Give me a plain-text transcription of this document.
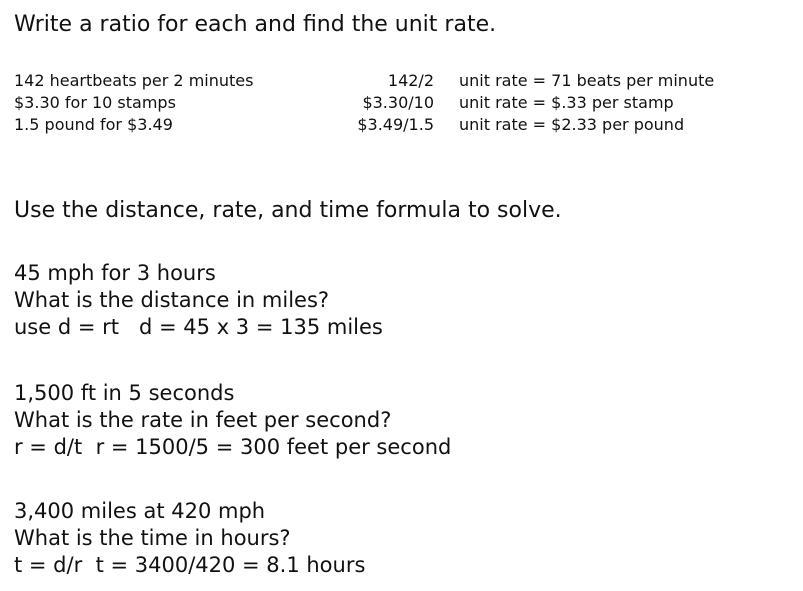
Write a ratio for each and find the unit rate.
142 heartbeats per 2 minutes	142/2 unit rate = 71 beats per minute
$3.30 for 10 stamps	$3.30/10 unit rate = $.33 per stamp
1.5 pound for $3.49	$3.49/1.5 unit rate = $2.33 per pound
Use the distance, rate, and time formula to solve.
45 mph for 3 hours
What is the distance in miles?
use d = rt   d = 45 x 3 = 135 miles
1,500 ft in 5 seconds
What is the rate in feet per second?
r = d/t  r = 1500/5 = 300 feet per second
3,400 miles at 420 mph
What is the time in hours?
t = d/r  t = 3400/420 = 8.1 hours
